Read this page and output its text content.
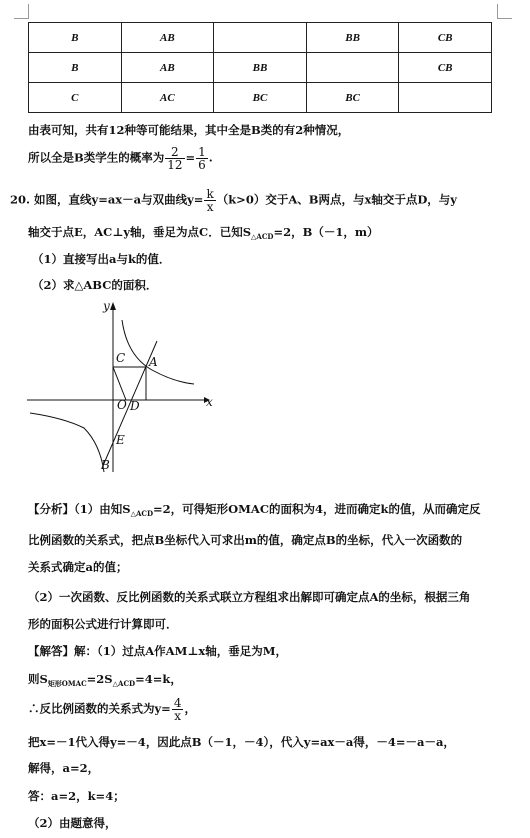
B	AB		BB	CB
B	AB	BB		CB
C	AC	BC	BC	
由表可知，共有12种等可能结果，其中全是B类的有2种情况，
所以全是B类学生的概率为 $\frac{2}{12} = \frac{1}{6}$ .
20. 如图，直线y=ax－a与双曲线$y= \frac{k}{x} (k>0)$交于A、B两点，与x轴交于点D，与y
轴交于点E，AC⊥y轴，垂足为点C．已知$S_{\triangle ACD}=2$，B（－1，m）
（1）直接写出a与k的值．
（2）求△ABC的面积．
x
y
O
A
B
C
D
E
【分析】（1）由知$S_{\triangle ACD}=2$，可得矩形OMAC的面积为4，进而确定k的值，从而确定反
比例函数的关系式，把点B坐标代入可求出m的值，确定点B的坐标，代入一次函数的
关系式确定a的值；
（2）一次函数、反比例函数的关系式联立方程组求出解即可确定点A的坐标，根据三角
形的面积公式进行计算即可．
【解答】解：（1）过点A作AM⊥x轴，垂足为M，
则$S_{矩形OMAC}=2S_{\triangle ACD}=4=k$，
∴反比例函数的关系式为$y= \frac{4}{x}$ ，
把x=－1代入得y=－4，因此点B（－1，－4），代入y=ax－a得，－4=－a－a，
解得，a=2，
答：a=2，k=4；
（2）由题意得，
